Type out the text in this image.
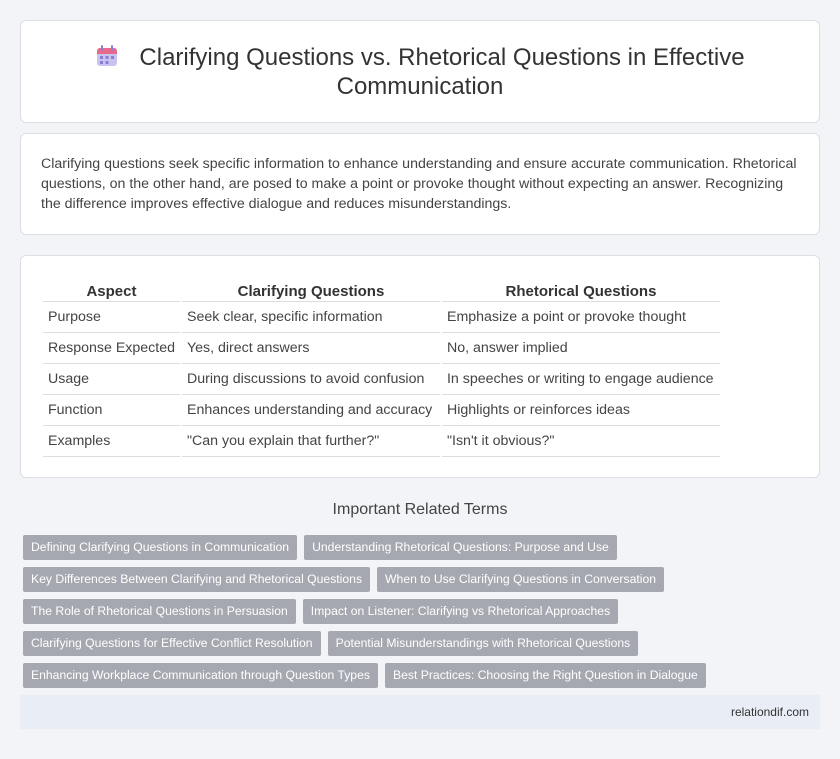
Clarifying Questions vs. Rhetorical Questions in Effective Communication

Clarifying questions seek specific information to enhance understanding and ensure accurate communication. Rhetorical questions, on the other hand, are posed to make a point or provoke thought without expecting an answer. Recognizing the difference improves effective dialogue and reduces misunderstandings.

Aspect	Clarifying Questions	Rhetorical Questions
Purpose	Seek clear, specific information	Emphasize a point or provoke thought
Response Expected	Yes, direct answers	No, answer implied
Usage	During discussions to avoid confusion	In speeches or writing to engage audience
Function	Enhances understanding and accuracy	Highlights or reinforces ideas
Examples	"Can you explain that further?"	"Isn't it obvious?"
Important Related Terms
Defining Clarifying Questions in Communication	Understanding Rhetorical Questions: Purpose and Use
Key Differences Between Clarifying and Rhetorical Questions	When to Use Clarifying Questions in Conversation
The Role of Rhetorical Questions in Persuasion	Impact on Listener: Clarifying vs Rhetorical Approaches
Clarifying Questions for Effective Conflict Resolution	Potential Misunderstandings with Rhetorical Questions
Enhancing Workplace Communication through Question Types	Best Practices: Choosing the Right Question in Dialogue
relationdif.com
